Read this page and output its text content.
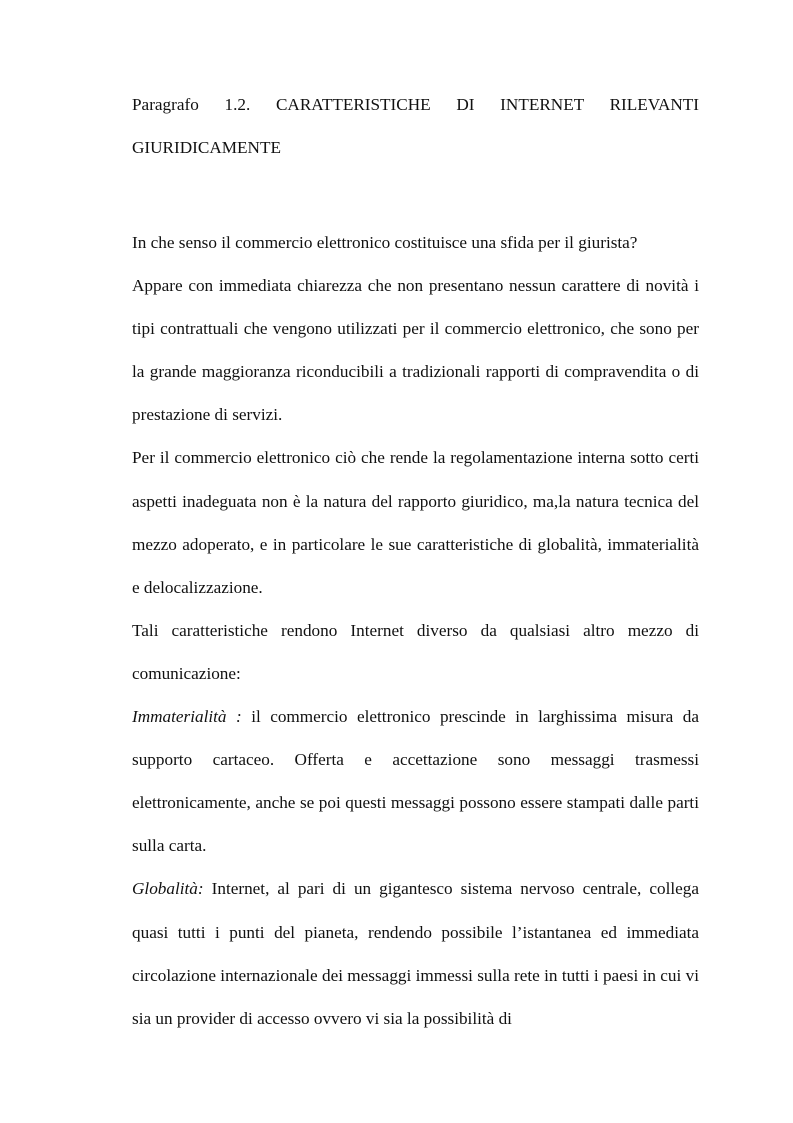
Paragrafo 1.2. CARATTERISTICHE DI INTERNET RILEVANTI
GIURIDICAMENTE

In che senso il commercio elettronico costituisce una sfida per il giurista?

Appare con immediata chiarezza che non presentano nessun carattere di novità i tipi contrattuali che vengono utilizzati per il commercio elettronico, che sono per la grande maggioranza riconducibili a tradizionali rapporti di compravendita o di prestazione di servizi.

Per il commercio elettronico ciò che rende la regolamentazione interna sotto certi aspetti inadeguata non è la natura del rapporto giuridico, ma,la natura tecnica del mezzo adoperato, e in particolare le sue caratteristiche di globalità, immaterialità e delocalizzazione.

Tali caratteristiche rendono Internet diverso da qualsiasi altro mezzo di comunicazione:

Immaterialità : il commercio elettronico prescinde in larghissima misura da supporto cartaceo. Offerta e accettazione sono messaggi trasmessi elettronicamente, anche se poi questi messaggi possono essere stampati dalle parti sulla carta.

Globalità: Internet, al pari di un gigantesco sistema nervoso centrale, collega quasi tutti i punti del pianeta, rendendo possibile l’istantanea ed immediata circolazione internazionale dei messaggi immessi sulla rete in tutti i paesi in cui vi sia un provider di accesso ovvero vi sia la possibilità di
